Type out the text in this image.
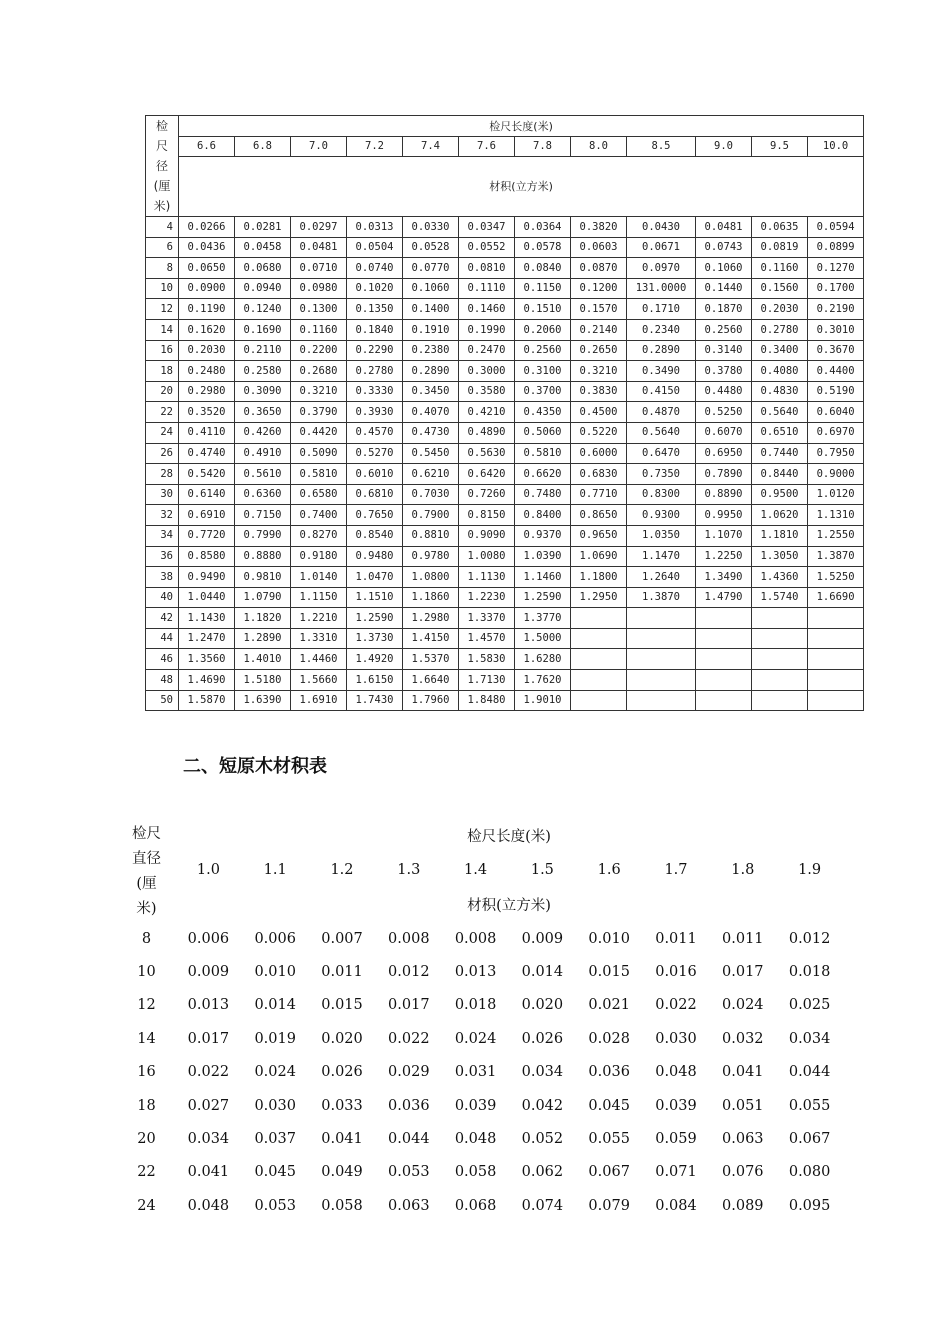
检
尺
径
(厘
米)	检尺长度(米)											
	6.6	6.8	7.0	7.2	7.4	7.6	7.8	8.0	8.5	9.0	9.5	10.0
	材积(立方米)											
4	0.0266	0.0281	0.0297	0.0313	0.0330	0.0347	0.0364	0.3820	0.0430	0.0481	0.0635	0.0594
6	0.0436	0.0458	0.0481	0.0504	0.0528	0.0552	0.0578	0.0603	0.0671	0.0743	0.0819	0.0899
8	0.0650	0.0680	0.0710	0.0740	0.0770	0.0810	0.0840	0.0870	0.0970	0.1060	0.1160	0.1270
10	0.0900	0.0940	0.0980	0.1020	0.1060	0.1110	0.1150	0.1200	131.0000	0.1440	0.1560	0.1700
12	0.1190	0.1240	0.1300	0.1350	0.1400	0.1460	0.1510	0.1570	0.1710	0.1870	0.2030	0.2190
14	0.1620	0.1690	0.1160	0.1840	0.1910	0.1990	0.2060	0.2140	0.2340	0.2560	0.2780	0.3010
16	0.2030	0.2110	0.2200	0.2290	0.2380	0.2470	0.2560	0.2650	0.2890	0.3140	0.3400	0.3670
18	0.2480	0.2580	0.2680	0.2780	0.2890	0.3000	0.3100	0.3210	0.3490	0.3780	0.4080	0.4400
20	0.2980	0.3090	0.3210	0.3330	0.3450	0.3580	0.3700	0.3830	0.4150	0.4480	0.4830	0.5190
22	0.3520	0.3650	0.3790	0.3930	0.4070	0.4210	0.4350	0.4500	0.4870	0.5250	0.5640	0.6040
24	0.4110	0.4260	0.4420	0.4570	0.4730	0.4890	0.5060	0.5220	0.5640	0.6070	0.6510	0.6970
26	0.4740	0.4910	0.5090	0.5270	0.5450	0.5630	0.5810	0.6000	0.6470	0.6950	0.7440	0.7950
28	0.5420	0.5610	0.5810	0.6010	0.6210	0.6420	0.6620	0.6830	0.7350	0.7890	0.8440	0.9000
30	0.6140	0.6360	0.6580	0.6810	0.7030	0.7260	0.7480	0.7710	0.8300	0.8890	0.9500	1.0120
32	0.6910	0.7150	0.7400	0.7650	0.7900	0.8150	0.8400	0.8650	0.9300	0.9950	1.0620	1.1310
34	0.7720	0.7990	0.8270	0.8540	0.8810	0.9090	0.9370	0.9650	1.0350	1.1070	1.1810	1.2550
36	0.8580	0.8880	0.9180	0.9480	0.9780	1.0080	1.0390	1.0690	1.1470	1.2250	1.3050	1.3870
38	0.9490	0.9810	1.0140	1.0470	1.0800	1.1130	1.1460	1.1800	1.2640	1.3490	1.4360	1.5250
40	1.0440	1.0790	1.1150	1.1510	1.1860	1.2230	1.2590	1.2950	1.3870	1.4790	1.5740	1.6690
42	1.1430	1.1820	1.2210	1.2590	1.2980	1.3370	1.3770					
44	1.2470	1.2890	1.3310	1.3730	1.4150	1.4570	1.5000					
46	1.3560	1.4010	1.4460	1.4920	1.5370	1.5830	1.6280					
48	1.4690	1.5180	1.5660	1.6150	1.6640	1.7130	1.7620					
50	1.5870	1.6390	1.6910	1.7430	1.7960	1.8480	1.9010					
二、短原木材积表
检尺
直径
(厘
米)	检尺长度(米)									
	1.0	1.1	1.2	1.3	1.4	1.5	1.6	1.7	1.8	1.9
	材积(立方米)									
8	0.006	0.006	0.007	0.008	0.008	0.009	0.010	0.011	0.011	0.012
10	0.009	0.010	0.011	0.012	0.013	0.014	0.015	0.016	0.017	0.018
12	0.013	0.014	0.015	0.017	0.018	0.020	0.021	0.022	0.024	0.025
14	0.017	0.019	0.020	0.022	0.024	0.026	0.028	0.030	0.032	0.034
16	0.022	0.024	0.026	0.029	0.031	0.034	0.036	0.048	0.041	0.044
18	0.027	0.030	0.033	0.036	0.039	0.042	0.045	0.039	0.051	0.055
20	0.034	0.037	0.041	0.044	0.048	0.052	0.055	0.059	0.063	0.067
22	0.041	0.045	0.049	0.053	0.058	0.062	0.067	0.071	0.076	0.080
24	0.048	0.053	0.058	0.063	0.068	0.074	0.079	0.084	0.089	0.095
